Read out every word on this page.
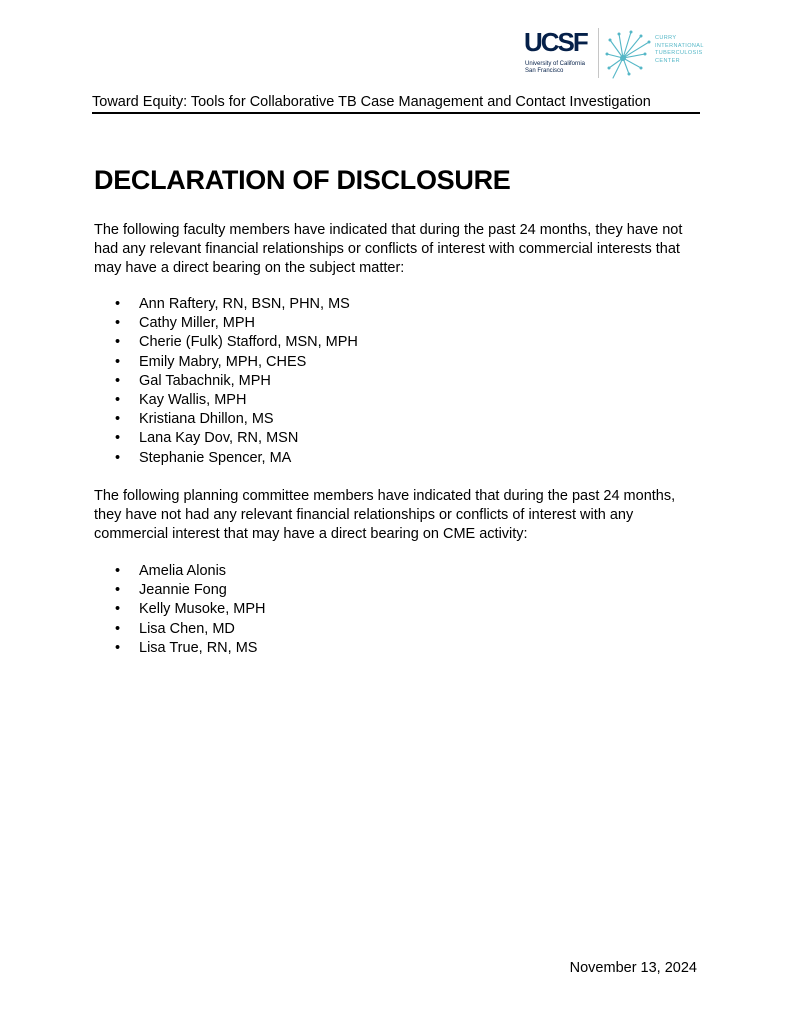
UCSF
University of California
San Francisco
CURRY
INTERNATIONAL
TUBERCULOSIS
CENTER
Toward Equity: Tools for Collaborative TB Case Management and Contact Investigation
DECLARATION OF DISCLOSURE

The following faculty members have indicated that during the past 24 months, they have not had any relevant financial relationships or conflicts of interest with commercial interests that may have a direct bearing on the subject matter:

• Ann Raftery, RN, BSN, PHN, MS
• Cathy Miller, MPH
• Cherie (Fulk) Stafford, MSN, MPH
• Emily Mabry, MPH, CHES
• Gal Tabachnik, MPH
• Kay Wallis, MPH
• Kristiana Dhillon, MS
• Lana Kay Dov, RN, MSN
• Stephanie Spencer, MA

The following planning committee members have indicated that during the past 24 months, they have not had any relevant financial relationships or conflicts of interest with any commercial interest that may have a direct bearing on CME activity:

• Amelia Alonis
• Jeannie Fong
• Kelly Musoke, MPH
• Lisa Chen, MD
• Lisa True, RN, MS
November 13, 2024
